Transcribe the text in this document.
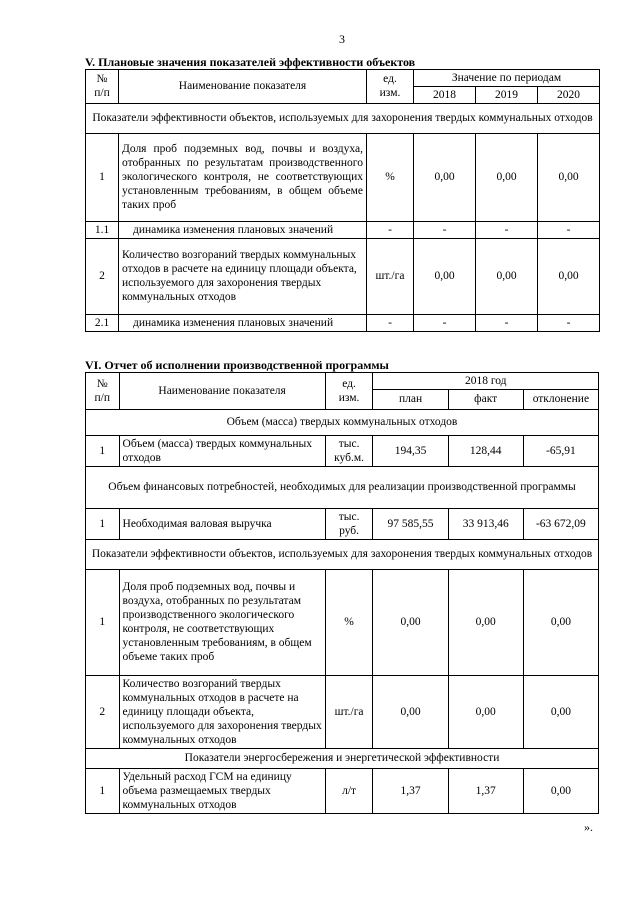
3
V. Плановые значения показателей эффективности объектов
№
п/п	Наименование показателя	ед.
изм.	Значение по периодам		
			2018	2019	2020
Показатели эффективности объектов, используемых для захоронения твердых коммунальных отходов					
1	Доля проб подземных вод, почвы и воздуха, отобранных по результатам производственного экологического контроля, не соответствующих установленным требованиям, в общем объеме таких проб	%	0,00	0,00	0,00
1.1	динамика изменения плановых значений	-	-	-	-
2	Количество возгораний твердых коммунальных отходов в расчете на единицу площади объекта, используемого для захоронения твердых коммунальных отходов	шт./га	0,00	0,00	0,00
2.1	динамика изменения плановых значений	-	-	-	-
VI. Отчет об исполнении производственной программы
№
п/п	Наименование показателя	ед.
изм.	2018 год		
			план	факт	отклонение
Объем (масса) твердых коммунальных отходов					
1	Объем (масса) твердых коммунальных отходов	тыс.
куб.м.	194,35	128,44	-65,91
Объем финансовых потребностей, необходимых для реализации производственной программы					
1	Необходимая валовая выручка	тыс.
руб.	97 585,55	33 913,46	-63 672,09
Показатели эффективности объектов, используемых для захоронения твердых коммунальных отходов					
1	Доля проб подземных вод, почвы и воздуха, отобранных по результатам производственного экологического контроля, не соответствующих установленным требованиям, в общем объеме таких проб	%	0,00	0,00	0,00
2	Количество возгораний твердых коммунальных отходов в расчете на единицу площади объекта, используемого для захоронения твердых коммунальных отходов	шт./га	0,00	0,00	0,00
Показатели энергосбережения и энергетической эффективности					
1	Удельный расход ГСМ на единицу объема размещаемых твердых коммунальных отходов	л/т	1,37	1,37	0,00
».
